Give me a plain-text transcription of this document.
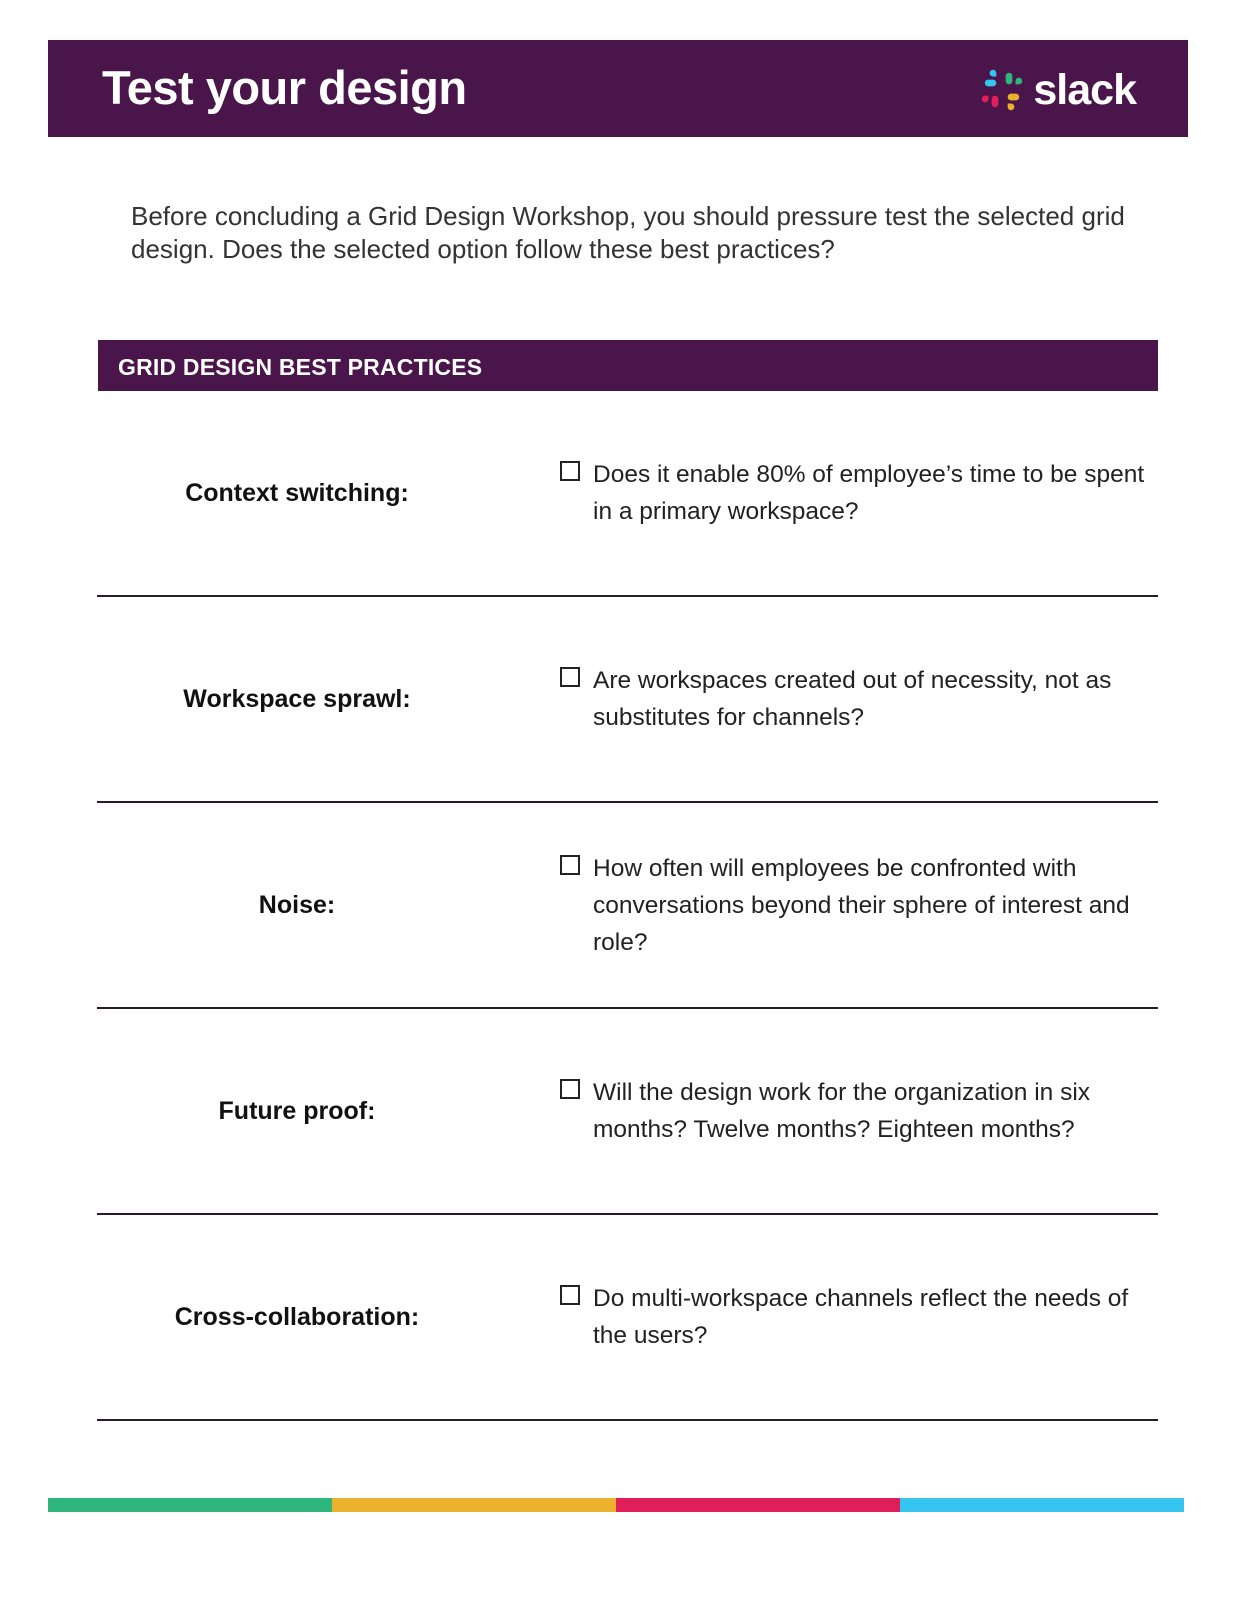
Test your design	slack

Before concluding a Grid Design Workshop, you should pressure test the selected grid design. Does the selected option follow these best practices?

GRID DESIGN BEST PRACTICES
Context switching:
Does it enable 80% of employee’s time to be spent in a primary workspace?
Workspace sprawl:
Are workspaces created out of necessity, not as substitutes for channels?
Noise:
How often will employees be confronted with conversations beyond their sphere of interest and role?
Future proof:
Will the design work for the organization in six months? Twelve months? Eighteen months?
Cross-collaboration:
Do multi-workspace channels reflect the needs of the users?
